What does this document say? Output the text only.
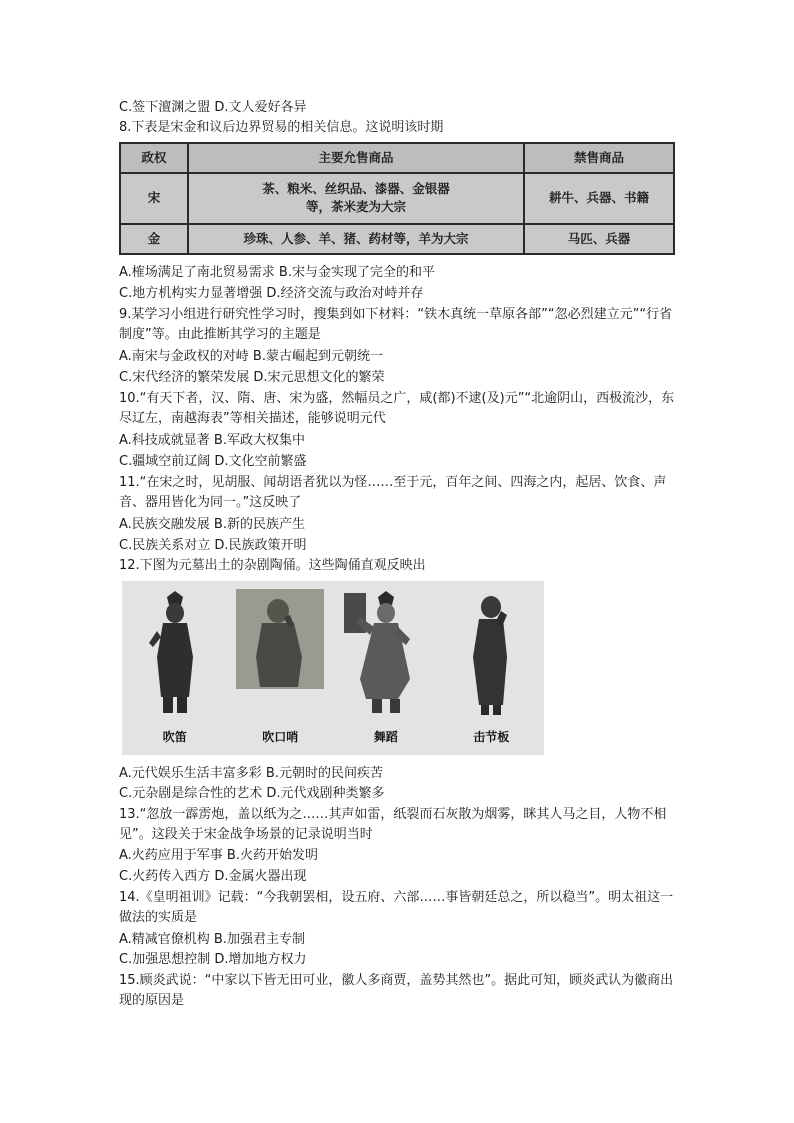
C.签下澶渊之盟 D.文人爱好各异
8.下表是宋金和议后边界贸易的相关信息。这说明该时期
政权	主要允售商品	禁售商品
宋	茶、粮米、丝织品、漆器、金银器等，茶米麦为大宗	耕牛、兵器、书籍
金	珍珠、人参、羊、猪、药材等，羊为大宗	马匹、兵器
A.榷场满足了南北贸易需求 B.宋与金实现了完全的和平
C.地方机构实力显著增强 D.经济交流与政治对峙并存
9.某学习小组进行研究性学习时，搜集到如下材料：“铁木真统一草原各部”“忽必烈建立元”“行省制度”等。由此推断其学习的主题是
A.南宋与金政权的对峙 B.蒙古崛起到元朝统一
C.宋代经济的繁荣发展 D.宋元思想文化的繁荣
10.“有天下者，汉、隋、唐、宋为盛，然幅员之广，咸(都)不逮(及)元”“北逾阴山，西极流沙，东尽辽左，南越海表”等相关描述，能够说明元代
A.科技成就显著 B.军政大权集中
C.疆域空前辽阔 D.文化空前繁盛
11.“在宋之时，见胡服、闻胡语者犹以为怪……至于元，百年之间、四海之内，起居、饮食、声音、器用皆化为同一。”这反映了
A.民族交融发展 B.新的民族产生
C.民族关系对立 D.民族政策开明
12.下图为元墓出土的杂剧陶俑。这些陶俑直观反映出
吹笛	吹口哨	舞蹈	击节板
A.元代娱乐生活丰富多彩 B.元朝时的民间疾苦
C.元杂剧是综合性的艺术 D.元代戏剧种类繁多
13.“忽放一霹雳炮，盖以纸为之……其声如雷，纸裂而石灰散为烟雾，眯其人马之目，人物不相见”。这段关于宋金战争场景的记录说明当时
A.火药应用于军事 B.火药开始发明
C.火药传入西方 D.金属火器出现
14.《皇明祖训》记载：“今我朝罢相，设五府、六部……事皆朝廷总之，所以稳当”。明太祖这一做法的实质是
A.精减官僚机构 B.加强君主专制
C.加强思想控制 D.增加地方权力
15.顾炎武说：“中家以下皆无田可业，徽人多商贾，盖势其然也”。据此可知，顾炎武认为徽商出现的原因是
